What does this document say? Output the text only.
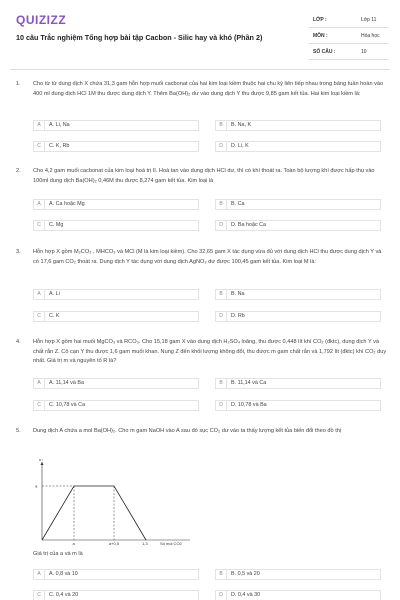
QUIZIZZ
10 câu Trắc nghiệm Tổng hợp bài tập Cacbon - Silic hay và khó (Phần 2)
LỚP :	Lớp 11
MÔN :	Hóa học
SỐ CÂU :	10
1.	Cho từ từ dung dịch X chứa 31,3 gam hỗn hợp muối cacbonat của hai kim loại kiềm thuộc hai chu kỳ liên tiếp nhau trong bảng tuần hoàn vào 400 ml dung dịch HCl 1M thu được dung dịch Y. Thêm Ba(OH)₂ dư vào dung dịch Y thu được 9,85 gam kết tủa. Hai kim loại kiềm là:
A	A. Li, Na	B	B. Na, K
C	C. K, Rb	D	D. Li, K
2.	Cho 4,2 gam muối cacbonat của kim loại hoá trị II. Hoà tan vào dung dịch HCl dư, thì có khí thoát ra. Toàn bộ lượng khí được hấp thụ vào 100ml dung dịch Ba(OH)₂ 0,46M thu được 8,274 gam kết tủa. Kim loại là
A	A. Ca hoặc Mg	B	B. Ca
C	C. Mg	D	D. Ba hoặc Ca
3.	Hỗn hợp X gồm M₂CO₃ , MHCO₃ và MCl (M là kim loại kiềm). Cho 32,65 gam X tác dụng vừa đủ với dung dịch HCl thu được dung dịch Y và có 17,6 gam CO₂ thoát ra. Dung dịch Y tác dụng với dung dịch AgNO₃ dư được 100,45 gam kết tủa. Kim loại M là:
A	A. Li	B	B. Na
C	C. K	D	D. Rb
4.	Hỗn hợp X gồm hai muối MgCO₃ và RCO₃. Cho 15,18 gam X vào dung dịch H₂SO₄ loãng, thu được 0,448 lít khí CO₂ (đktc), dung dịch Y và chất rắn Z. Cô cạn Y thu được 1,6 gam muối khan. Nung Z đến khối lượng không đổi, thu được m gam chất rắn và 1,792 lít (đktc) khí CO₂ duy nhất. Giá trị m và nguyên tố R là?
A	A. 11,14 và Ba	B	B. 11,14 và Ca
C	C. 10,78 và Ca	D	D. 10,78 và Ba
5.	Dung dịch A chứa a mol Ba(OH)₂. Cho m gam NaOH vào A sau đó sục CO₂ dư vào ta thấy lượng kết tủa biến đổi theo đồ thị
n↓
a
a	a+0,5	1,3	Số mol CO2
Giá trị của a và m là
A	A. 0,8 và 10	B	B. 0,5 và 20
C	C. 0,4 và 20	D	D. 0,4 và 30
